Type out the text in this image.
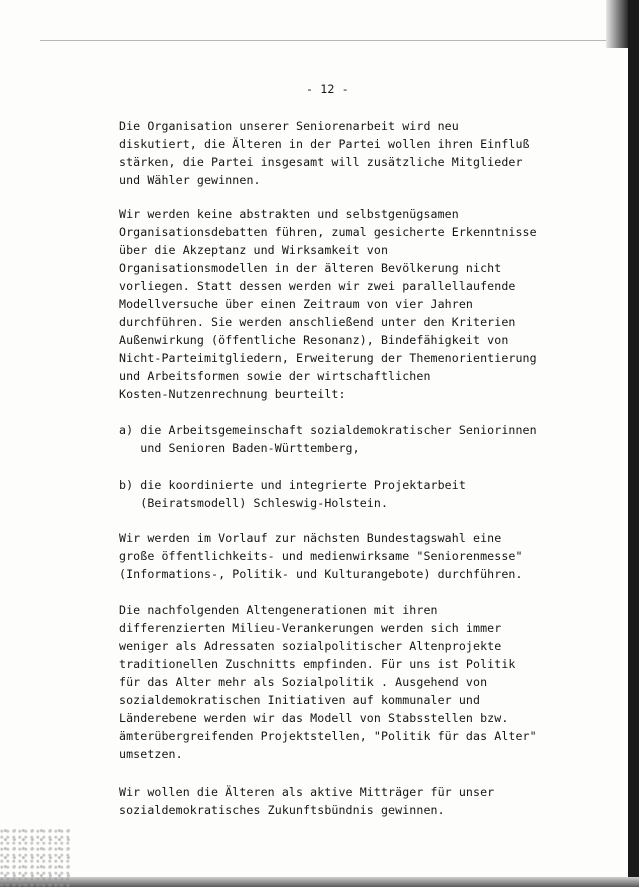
- 12 -
Die Organisation unserer Seniorenarbeit wird neu
diskutiert, die Älteren in der Partei wollen ihren Einfluß
stärken, die Partei insgesamt will zusätzliche Mitglieder
und Wähler gewinnen.
Wir werden keine abstrakten und selbstgenügsamen
Organisationsdebatten führen, zumal gesicherte Erkenntnisse
über die Akzeptanz und Wirksamkeit von
Organisationsmodellen in der älteren Bevölkerung nicht
vorliegen. Statt dessen werden wir zwei parallellaufende
Modellversuche über einen Zeitraum von vier Jahren
durchführen. Sie werden anschließend unter den Kriterien
Außenwirkung (öffentliche Resonanz), Bindefähigkeit von
Nicht-Parteimitgliedern, Erweiterung der Themenorientierung
und Arbeitsformen sowie der wirtschaftlichen
Kosten-Nutzenrechnung beurteilt:
a) die Arbeitsgemeinschaft sozialdemokratischer Seniorinnen
und Senioren Baden-Württemberg,
b) die koordinierte und integrierte Projektarbeit
(Beiratsmodell) Schleswig-Holstein.
Wir werden im Vorlauf zur nächsten Bundestagswahl eine
große öffentlichkeits- und medienwirksame "Seniorenmesse"
(Informations-, Politik- und Kulturangebote) durchführen.
Die nachfolgenden Altengenerationen mit ihren
differenzierten Milieu-Verankerungen werden sich immer
weniger als Adressaten sozialpolitischer Altenprojekte
traditionellen Zuschnitts empfinden. Für uns ist Politik
für das Alter mehr als Sozialpolitik . Ausgehend von
sozialdemokratischen Initiativen auf kommunaler und
Länderebene werden wir das Modell von Stabsstellen bzw.
ämterübergreifenden Projektstellen, "Politik für das Alter"
umsetzen.
Wir wollen die Älteren als aktive Mitträger für unser
sozialdemokratisches Zukunftsbündnis gewinnen.
